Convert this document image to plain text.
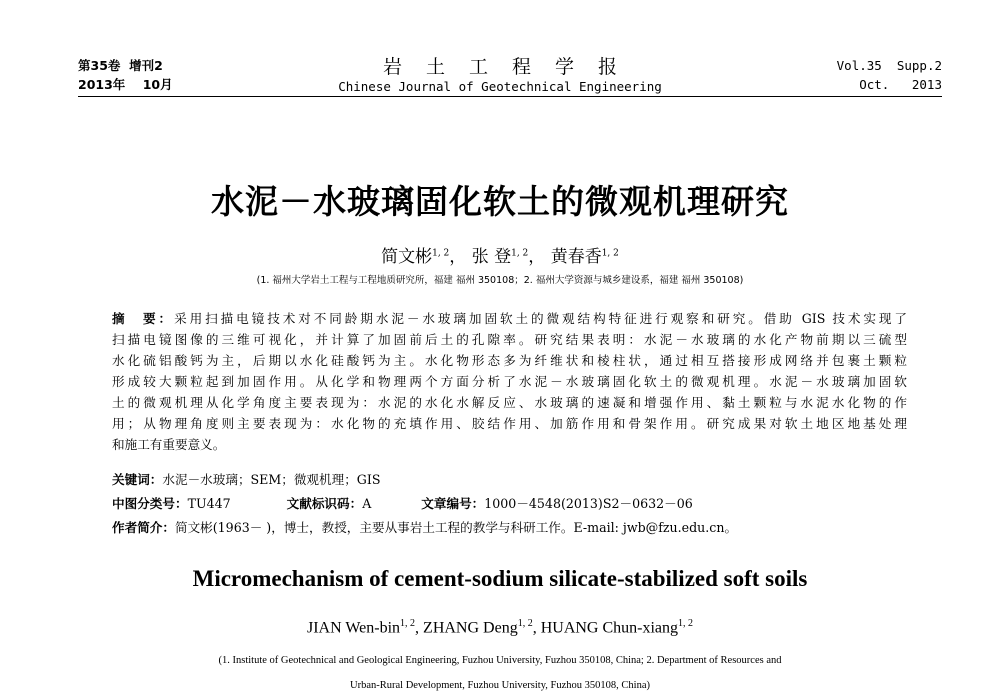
第35卷  增刊2
2013年    10月
岩土工程学报
Chinese Journal of Geotechnical Engineering
Vol.35  Supp.2
Oct.   2013
水泥－水玻璃固化软土的微观机理研究
简文彬$^{1, 2}$， 张 登$^{1, 2}$， 黄春香$^{1, 2}$
(1. 福州大学岩土工程与工程地质研究所，福建 福州 350108；2. 福州大学资源与城乡建设系，福建 福州 350108)
摘　要：采用扫描电镜技术对不同龄期水泥－水玻璃加固软土的微观结构特征进行观察和研究。借助 GIS 技术实现了
扫描电镜图像的三维可视化，并计算了加固前后土的孔隙率。研究结果表明：水泥－水玻璃的水化产物前期以三硫型
水化硫铝酸钙为主，后期以水化硅酸钙为主。水化物形态多为纤维状和棱柱状，通过相互搭接形成网络并包裹土颗粒
形成较大颗粒起到加固作用。从化学和物理两个方面分析了水泥－水玻璃固化软土的微观机理。水泥－水玻璃加固软
土的微观机理从化学角度主要表现为：水泥的水化水解反应、水玻璃的速凝和增强作用、黏土颗粒与水泥水化物的作
用；从物理角度则主要表现为：水化物的充填作用、胶结作用、加筋作用和骨架作用。研究成果对软土地区地基处理
和施工有重要意义。
关键词：水泥－水玻璃；SEM；微观机理；GIS
中图分类号：TU447	文献标识码：A	文章编号：1000－4548(2013)S2－0632－06
作者简介：简文彬(1963－ )，博士，教授，主要从事岩土工程的教学与科研工作。E-mail: jwb@fzu.edu.cn。
Micromechanism of cement-sodium silicate-stabilized soft soils
JIAN Wen-bin$^{1, 2}$, ZHANG Deng$^{1, 2}$, HUANG Chun-xiang$^{1, 2}$
(1. Institute of Geotechnical and Geological Engineering, Fuzhou University, Fuzhou 350108, China; 2. Department of Resources and
Urban-Rural Development, Fuzhou University, Fuzhou 350108, China)
